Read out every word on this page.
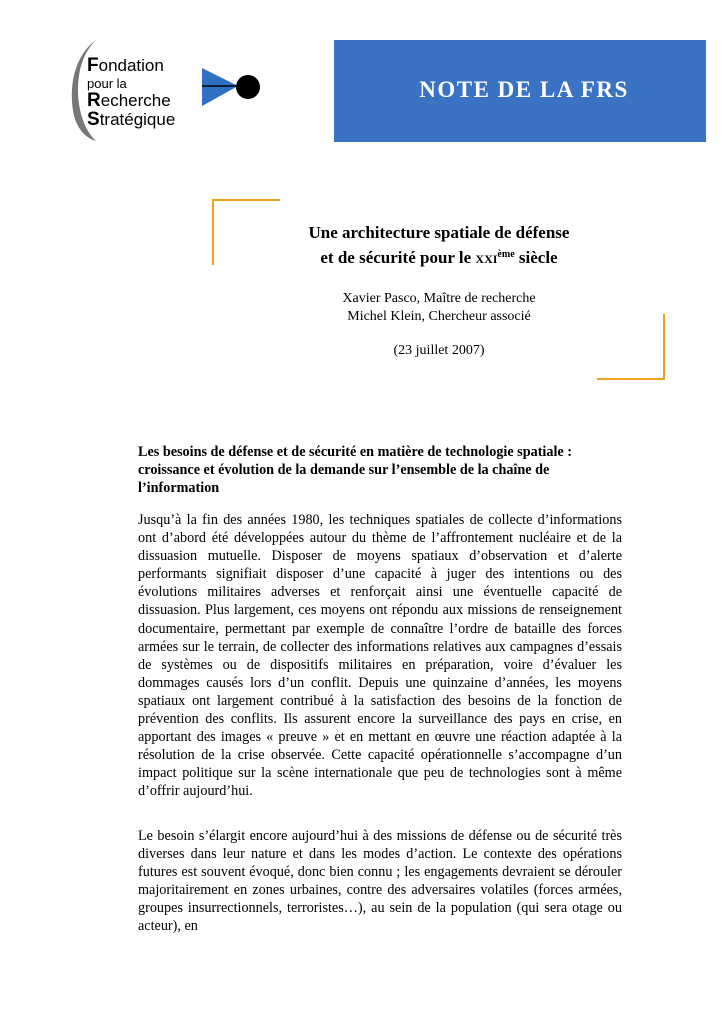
Fondation
pour la
Recherche
Stratégique
NOTE DE LA FRS

Une architecture spatiale de défense
et de sécurité pour le xxi$^{ème}$ siècle

Xavier Pasco, Maître de recherche
Michel Klein, Chercheur associé
(23 juillet 2007)

Les besoins de défense et de sécurité en matière de technologie spatiale : croissance et évolution de la demande sur l’ensemble de la chaîne de l’information

Jusqu’à la fin des années 1980, les techniques spatiales de collecte d’informations ont d’abord été développées autour du thème de l’affrontement nucléaire et de la dissuasion mutuelle. Disposer de moyens spatiaux d’observation et d’alerte performants signifiait disposer d’une capacité à juger des intentions ou des évolutions militaires adverses et renforçait ainsi une éventuelle capacité de dissuasion. Plus largement, ces moyens ont répondu aux missions de renseignement documentaire, permettant par exemple de connaître l’ordre de bataille des forces armées sur le terrain, de collecter des informations relatives aux campagnes d’essais de systèmes ou de dispositifs militaires en préparation, voire d’évaluer les dommages causés lors d’un conflit. Depuis une quinzaine d’années, les moyens spatiaux ont largement contribué à la satisfaction des besoins de la fonction de prévention des conflits. Ils assurent encore la surveillance des pays en crise, en apportant des images « preuve » et en mettant en œuvre une réaction adaptée à la résolution de la crise observée. Cette capacité opérationnelle s’accompagne d’un impact politique sur la scène internationale que peu de technologies sont à même d’offrir aujourd’hui.

Le besoin s’élargit encore aujourd’hui à des missions de défense ou de sécurité très diverses dans leur nature et dans les modes d’action. Le contexte des opérations futures est souvent évoqué, donc bien connu ; les engagements devraient se dérouler majoritairement en zones urbaines, contre des adversaires volatiles (forces armées, groupes insurrectionnels, terroristes…), au sein de la population (qui sera otage ou acteur), en
